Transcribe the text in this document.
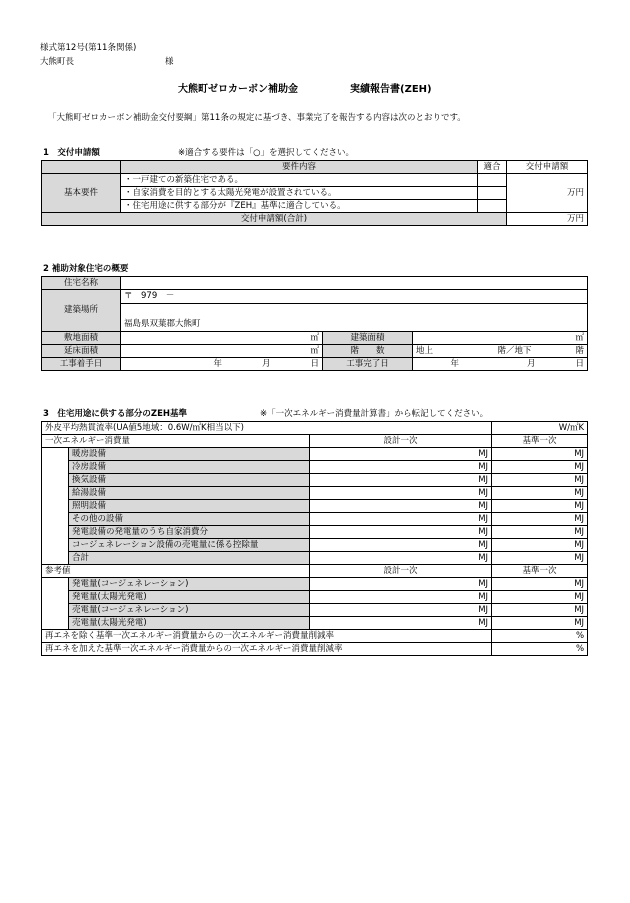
様式第12号(第11条関係)
大熊町長	様
大熊町ゼロカーボン補助金	実績報告書(ZEH)
「大熊町ゼロカーボン補助金交付要綱」第11条の規定に基づき、事業完了を報告する内容は次のとおりです。
1　交付申請額	※適合する要件は「○」を選択してください。
	要件内容	適合	交付申請額
基本要件	・一戸建ての新築住宅である。		万円
	・自家消費を目的とする太陽光発電が設置されている。		
	・住宅用途に供する部分が『ZEH』基準に適合している。		
交付申請額(合計)			万円
2 補助対象住宅の概要
住宅名称				
建築場所	〒　979　－			

	福島県双葉郡大熊町			
敷地面積	㎡	建築面積	㎡	
延床面積	㎡	階　　数	地上	階／地下 階
工事着手日	年 月 日	工事完了日	年 月 日	
3　住宅用途に供する部分のZEH基準	※「一次エネルギー消費量計算書」から転記してください。
外皮平均熱貫流率(UA値5地域：0.6W/㎡K相当以下)			W/㎡K
一次エネルギー消費量		設計一次	基準一次
	暖房設備	MJ	MJ
	冷房設備	MJ	MJ
	換気設備	MJ	MJ
	給湯設備	MJ	MJ
	照明設備	MJ	MJ
	その他の設備	MJ	MJ
	発電設備の発電量のうち自家消費分	MJ	MJ
	コージェネレーション設備の売電量に係る控除量	MJ	MJ
	合計	MJ	MJ
参考値		設計一次	基準一次
	発電量(コージェネレーション)	MJ	MJ
	発電量(太陽光発電)	MJ	MJ
	売電量(コージェネレーション)	MJ	MJ
	売電量(太陽光発電)	MJ	MJ
再エネを除く基準一次エネルギー消費量からの一次エネルギー消費量削減率			%
再エネを加えた基準一次エネルギー消費量からの一次エネルギー消費量削減率			%
